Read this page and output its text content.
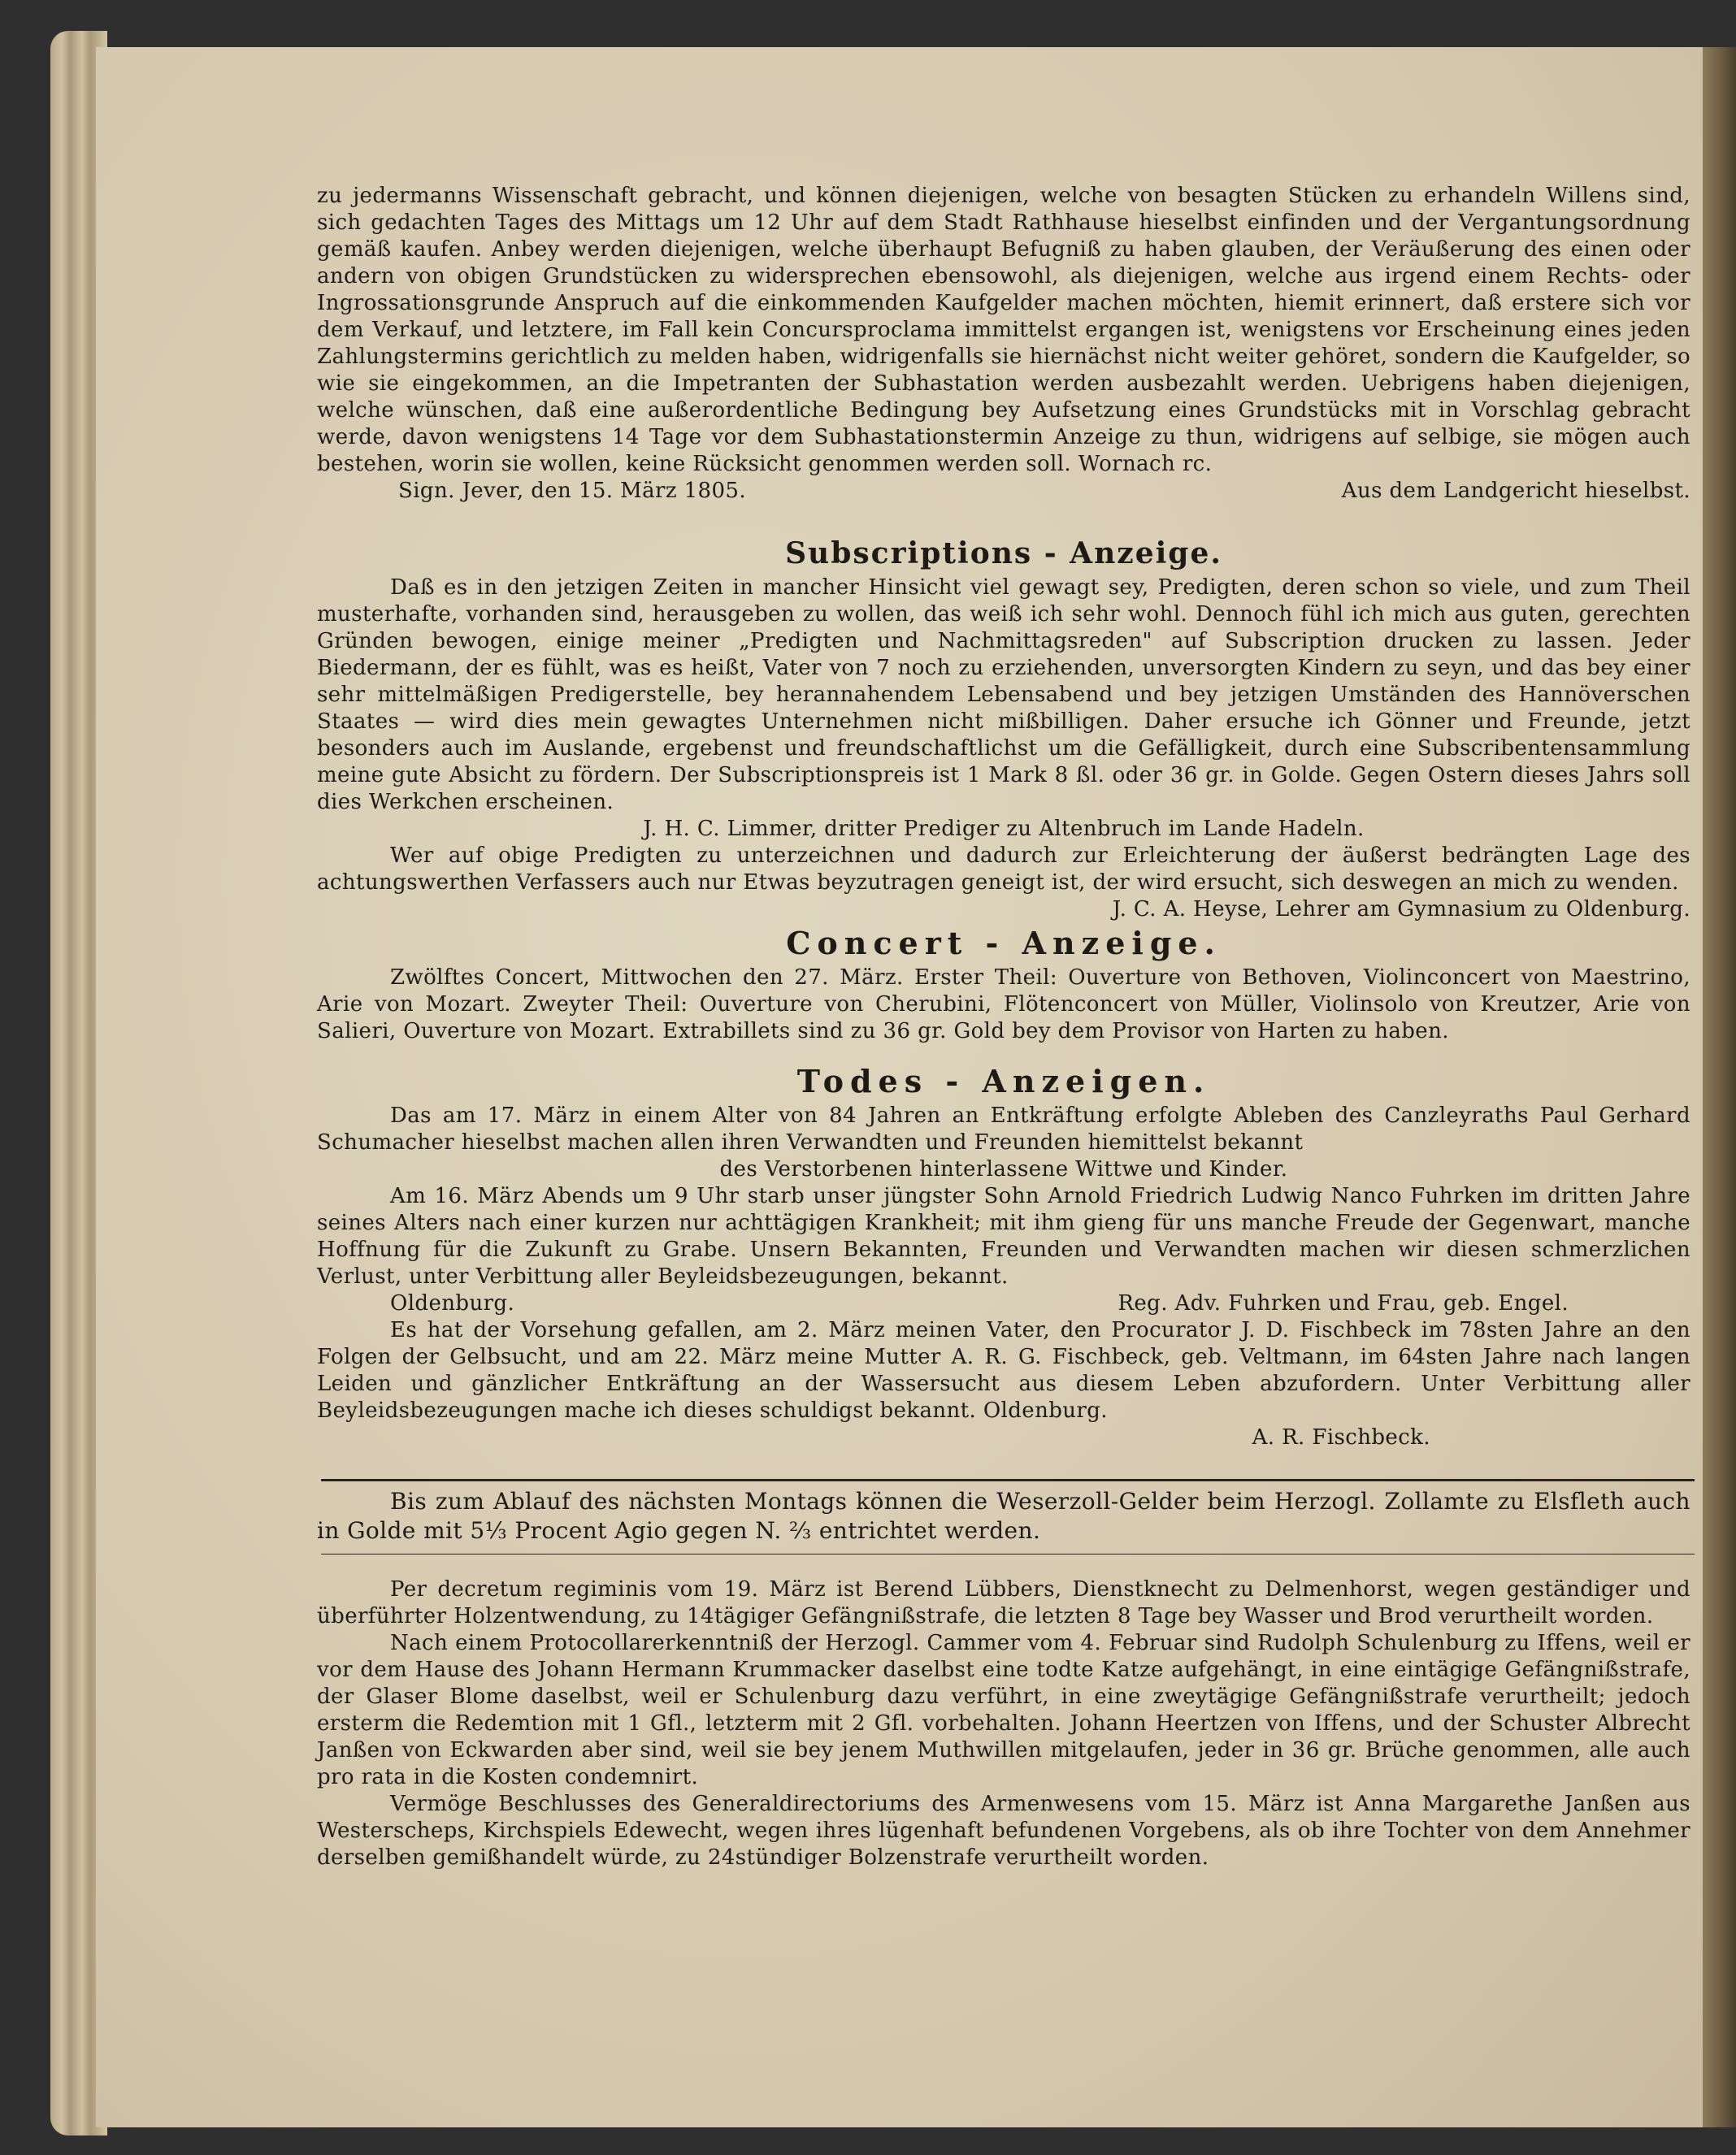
zu jedermanns Wissenschaft gebracht, und können diejenigen, welche von besagten Stücken zu erhandeln Willens sind, sich gedachten Tages des Mittags um 12 Uhr auf dem Stadt Rathhause hieselbst einfinden und der Vergantungsordnung gemäß kaufen. Anbey werden diejenigen, welche überhaupt Befugniß zu haben glauben, der Veräußerung des einen oder andern von obigen Grundstücken zu widersprechen ebensowohl, als diejenigen, welche aus irgend einem Rechts- oder Ingrossationsgrunde Anspruch auf die einkommenden Kaufgelder machen möchten, hiemit erinnert, daß erstere sich vor dem Verkauf, und letztere, im Fall kein Concursproclama immittelst ergangen ist, wenigstens vor Erscheinung eines jeden Zahlungstermins gerichtlich zu melden haben, widrigenfalls sie hiernächst nicht weiter gehöret, sondern die Kaufgelder, so wie sie eingekommen, an die Impetranten der Subhastation werden ausbezahlt werden. Uebrigens haben diejenigen, welche wünschen, daß eine außerordentliche Bedingung bey Aufsetzung eines Grundstücks mit in Vorschlag gebracht werde, davon wenigstens 14 Tage vor dem Subhastationstermin Anzeige zu thun, widrigens auf selbige, sie mögen auch bestehen, worin sie wollen, keine Rücksicht genommen werden soll. Wornach rc.

Sign. Jever, den 15. März 1805.	Aus dem Landgericht hieselbst.

Subscriptions - Anzeige.

Daß es in den jetzigen Zeiten in mancher Hinsicht viel gewagt sey, Predigten, deren schon so viele, und zum Theil musterhafte, vorhanden sind, herausgeben zu wollen, das weiß ich sehr wohl. Dennoch fühl ich mich aus guten, gerechten Gründen bewogen, einige meiner „Predigten und Nachmittagsreden" auf Subscription drucken zu lassen. Jeder Biedermann, der es fühlt, was es heißt, Vater von 7 noch zu erziehenden, unversorgten Kindern zu seyn, und das bey einer sehr mittelmäßigen Predigerstelle, bey herannahendem Lebensabend und bey jetzigen Umständen des Hannöverschen Staates — wird dies mein gewagtes Unternehmen nicht mißbilligen. Daher ersuche ich Gönner und Freunde, jetzt besonders auch im Auslande, ergebenst und freundschaftlichst um die Gefälligkeit, durch eine Subscribentensammlung meine gute Absicht zu fördern. Der Subscriptionspreis ist 1 Mark 8 ßl. oder 36 gr. in Golde. Gegen Ostern dieses Jahrs soll dies Werkchen erscheinen.

J. H. C. Limmer, dritter Prediger zu Altenbruch im Lande Hadeln.

Wer auf obige Predigten zu unterzeichnen und dadurch zur Erleichterung der äußerst bedrängten Lage des achtungswerthen Verfassers auch nur Etwas beyzutragen geneigt ist, der wird ersucht, sich deswegen an mich zu wenden.

J. C. A. Heyse, Lehrer am Gymnasium zu Oldenburg.

Concert - Anzeige.

Zwölftes Concert, Mittwochen den 27. März. Erster Theil: Ouverture von Bethoven, Violinconcert von Maestrino, Arie von Mozart. Zweyter Theil: Ouverture von Cherubini, Flötenconcert von Müller, Violinsolo von Kreutzer, Arie von Salieri, Ouverture von Mozart. Extrabillets sind zu 36 gr. Gold bey dem Provisor von Harten zu haben.

Todes - Anzeigen.

Das am 17. März in einem Alter von 84 Jahren an Entkräftung erfolgte Ableben des Canzleyraths Paul Gerhard Schumacher hieselbst machen allen ihren Verwandten und Freunden hiemittelst bekannt

des Verstorbenen hinterlassene Wittwe und Kinder.

Am 16. März Abends um 9 Uhr starb unser jüngster Sohn Arnold Friedrich Ludwig Nanco Fuhrken im dritten Jahre seines Alters nach einer kurzen nur achttägigen Krankheit; mit ihm gieng für uns manche Freude der Gegenwart, manche Hoffnung für die Zukunft zu Grabe. Unsern Bekannten, Freunden und Verwandten machen wir diesen schmerzlichen Verlust, unter Verbittung aller Beyleidsbezeugungen, bekannt.

Oldenburg.	Reg. Adv. Fuhrken und Frau, geb. Engel.

Es hat der Vorsehung gefallen, am 2. März meinen Vater, den Procurator J. D. Fischbeck im 78sten Jahre an den Folgen der Gelbsucht, und am 22. März meine Mutter A. R. G. Fischbeck, geb. Veltmann, im 64sten Jahre nach langen Leiden und gänzlicher Entkräftung an der Wassersucht aus diesem Leben abzufordern. Unter Verbittung aller Beyleidsbezeugungen mache ich dieses schuldigst bekannt. Oldenburg.

A. R. Fischbeck.

Bis zum Ablauf des nächsten Montags können die Weserzoll-Gelder beim Herzogl. Zollamte zu Elsfleth auch in Golde mit 5⅓ Procent Agio gegen N. ⅔ entrichtet werden.

Per decretum regiminis vom 19. März ist Berend Lübbers, Dienstknecht zu Delmenhorst, wegen geständiger und überführter Holzentwendung, zu 14tägiger Gefängnißstrafe, die letzten 8 Tage bey Wasser und Brod verurtheilt worden.

Nach einem Protocollarerkenntniß der Herzogl. Cammer vom 4. Februar sind Rudolph Schulenburg zu Iffens, weil er vor dem Hause des Johann Hermann Krummacker daselbst eine todte Katze aufgehängt, in eine eintägige Gefängnißstrafe, der Glaser Blome daselbst, weil er Schulenburg dazu verführt, in eine zweytägige Gefängnißstrafe verurtheilt; jedoch ersterm die Redemtion mit 1 Gfl., letzterm mit 2 Gfl. vorbehalten. Johann Heertzen von Iffens, und der Schuster Albrecht Janßen von Eckwarden aber sind, weil sie bey jenem Muthwillen mitgelaufen, jeder in 36 gr. Brüche genommen, alle auch pro rata in die Kosten condemnirt.

Vermöge Beschlusses des Generaldirectoriums des Armenwesens vom 15. März ist Anna Margarethe Janßen aus Westerscheps, Kirchspiels Edewecht, wegen ihres lügenhaft befundenen Vorgebens, als ob ihre Tochter von dem Annehmer derselben gemißhandelt würde, zu 24stündiger Bolzenstrafe verurtheilt worden.
